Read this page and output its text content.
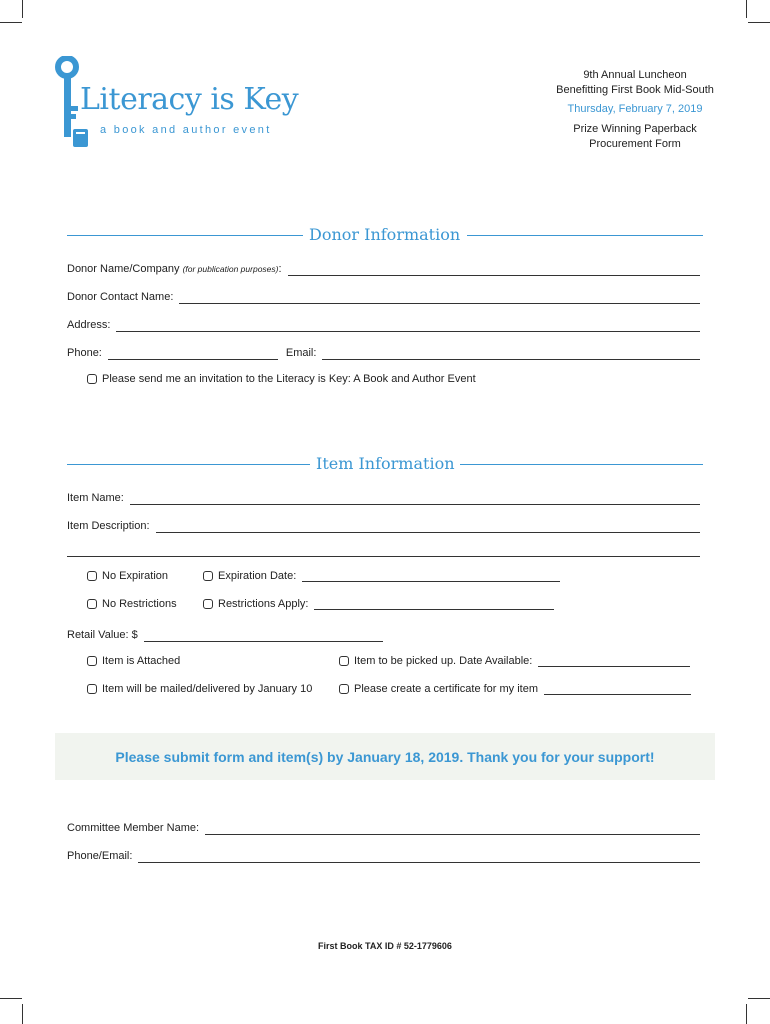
Literacy is Key
a book and author event
9th Annual Luncheon
Benefitting First Book Mid-South
Thursday, February 7, 2019
Prize Winning Paperback
Procurement Form
Donor Information
Donor Name/Company (for publication purposes):
Donor Contact Name:
Address:
Phone:	Email:
Please send me an invitation to the Literacy is Key: A Book and Author Event
Item Information
Item Name:
Item Description:
No Expiration	Expiration Date:
No Restrictions	Restrictions Apply:
Retail Value: $
Item is Attached	Item to be picked up. Date Available:
Item will be mailed/delivered by January 10	Please create a certificate for my item
Please submit form and item(s) by January 18, 2019. Thank you for your support!
Committee Member Name:
Phone/Email:
First Book TAX ID # 52-1779606
